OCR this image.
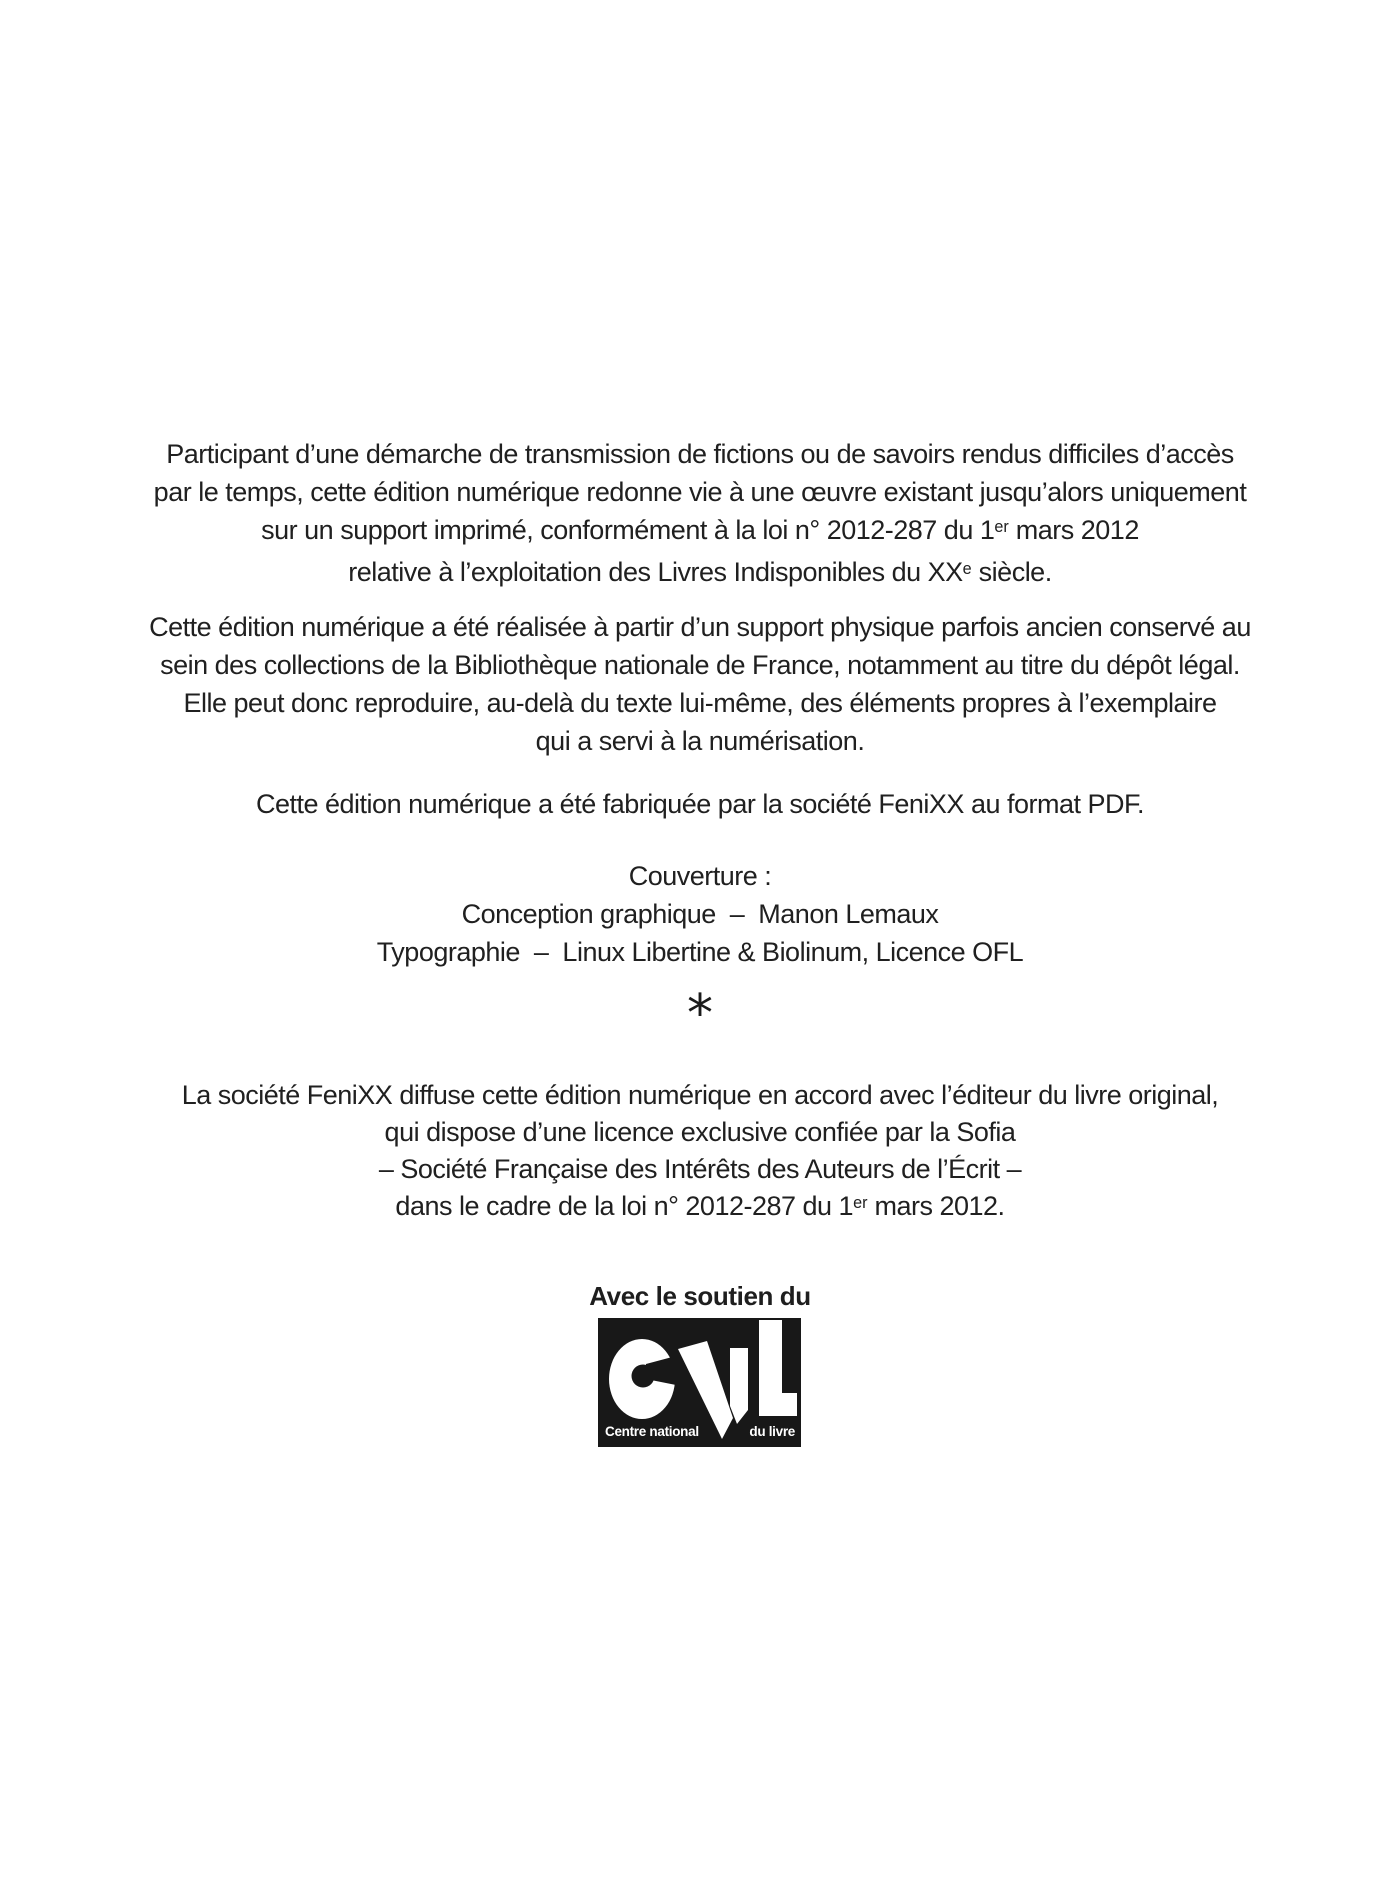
Participant d’une démarche de transmission de fictions ou de savoirs rendus difficiles d’accès
par le temps, cette édition numérique redonne vie à une œuvre existant jusqu’alors uniquement
sur un support imprimé, conformément à la loi n° 2012-287 du 1er mars 2012
relative à l’exploitation des Livres Indisponibles du XXe siècle.
Cette édition numérique a été réalisée à partir d’un support physique parfois ancien conservé au
sein des collections de la Bibliothèque nationale de France, notamment au titre du dépôt légal.
Elle peut donc reproduire, au-delà du texte lui-même, des éléments propres à l’exemplaire
qui a servi à la numérisation.
Cette édition numérique a été fabriquée par la société FeniXX au format PDF.
Couverture :
Conception graphique  –  Manon Lemaux
Typographie  –  Linux Libertine & Biolinum, Licence OFL
La société FeniXX diffuse cette édition numérique en accord avec l’éditeur du livre original,
qui dispose d’une licence exclusive confiée par la Sofia
– Société Française des Intérêts des Auteurs de l’Écrit –
dans le cadre de la loi n° 2012-287 du 1er mars 2012.
*
Avec le soutien du
Centre national	du livre
